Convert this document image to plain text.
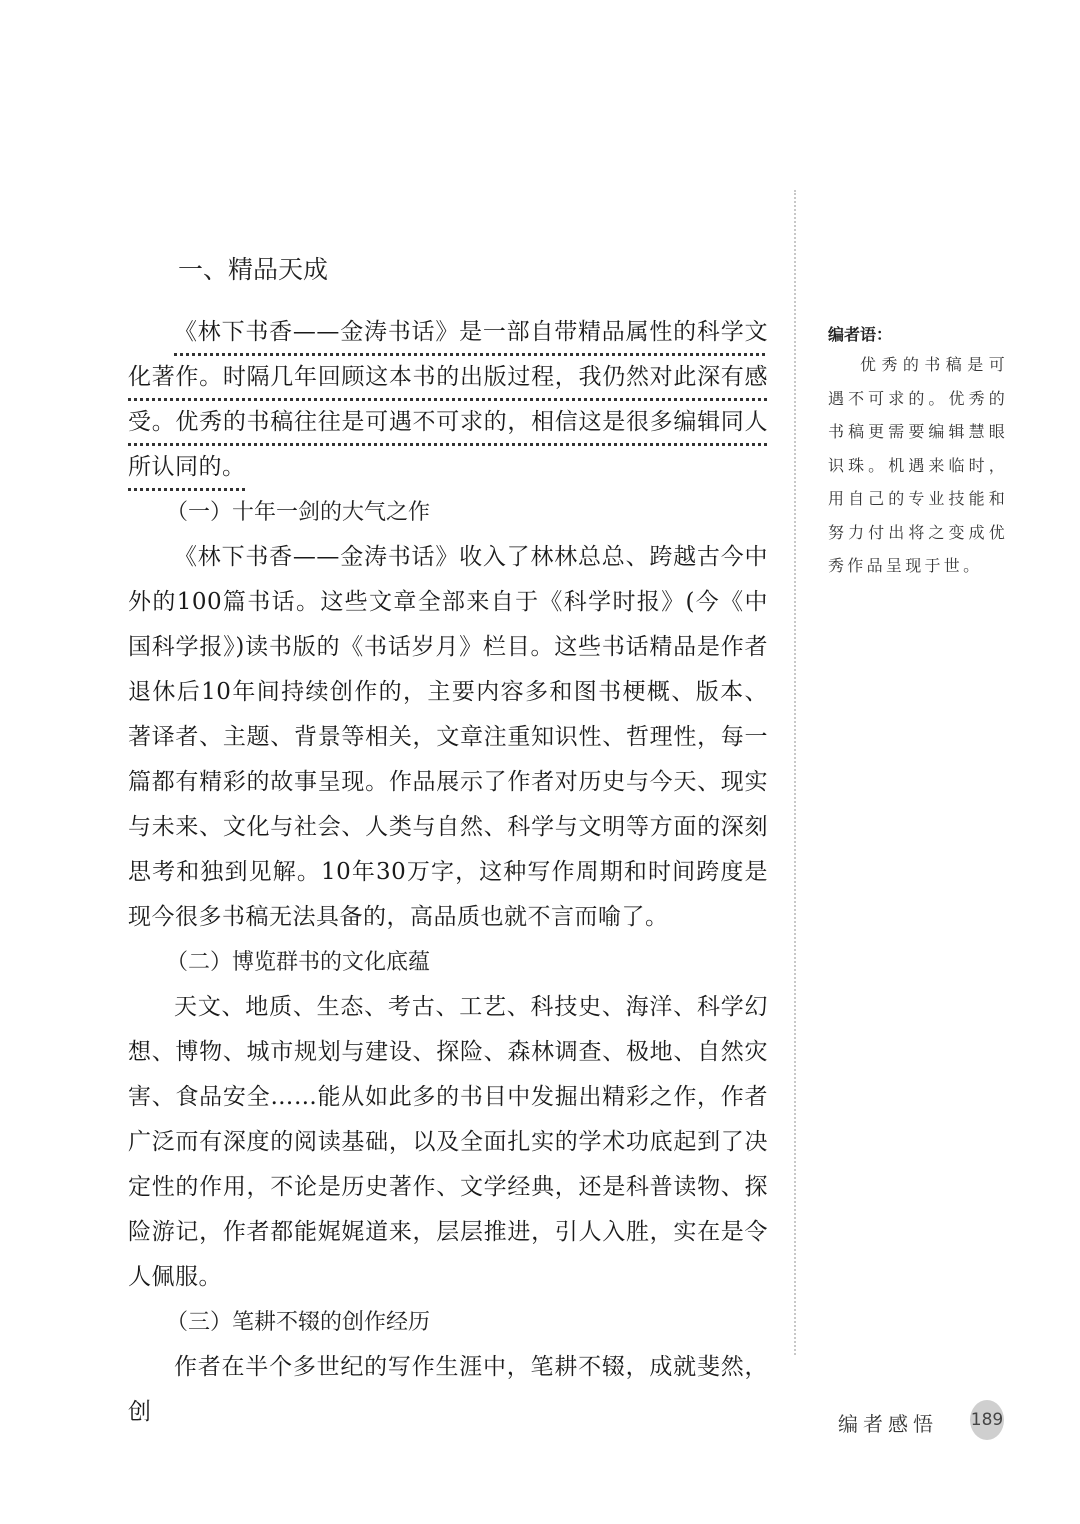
一、精品天成

《林下书香——金涛书话》是一部自带精品属性的科学文化著作。时隔几年回顾这本书的出版过程，我仍然对此深有感受。优秀的书稿往往是可遇不可求的，相信这是很多编辑同人所认同的。

（一）十年一剑的大气之作

《林下书香——金涛书话》收入了林林总总、跨越古今中外的100篇书话。这些文章全部来自于《科学时报》(今《中国科学报》)读书版的《书话岁月》栏目。这些书话精品是作者退休后10年间持续创作的，主要内容多和图书梗概、版本、著译者、主题、背景等相关，文章注重知识性、哲理性，每一篇都有精彩的故事呈现。作品展示了作者对历史与今天、现实与未来、文化与社会、人类与自然、科学与文明等方面的深刻思考和独到见解。10年30万字，这种写作周期和时间跨度是现今很多书稿无法具备的，高品质也就不言而喻了。

（二）博览群书的文化底蕴

天文、地质、生态、考古、工艺、科技史、海洋、科学幻想、博物、城市规划与建设、探险、森林调查、极地、自然灾害、食品安全……能从如此多的书目中发掘出精彩之作，作者广泛而有深度的阅读基础，以及全面扎实的学术功底起到了决定性的作用，不论是历史著作、文学经典，还是科普读物、探险游记，作者都能娓娓道来，层层推进，引人入胜，实在是令人佩服。

（三）笔耕不辍的创作经历

作者在半个多世纪的写作生涯中，笔耕不辍，成就斐然，创

编者语：

优秀的书稿是可遇不可求的。优秀的书稿更需要编辑慧眼识珠。机遇来临时，用自己的专业技能和努力付出将之变成优秀作品呈现于世。

编者感悟 189
